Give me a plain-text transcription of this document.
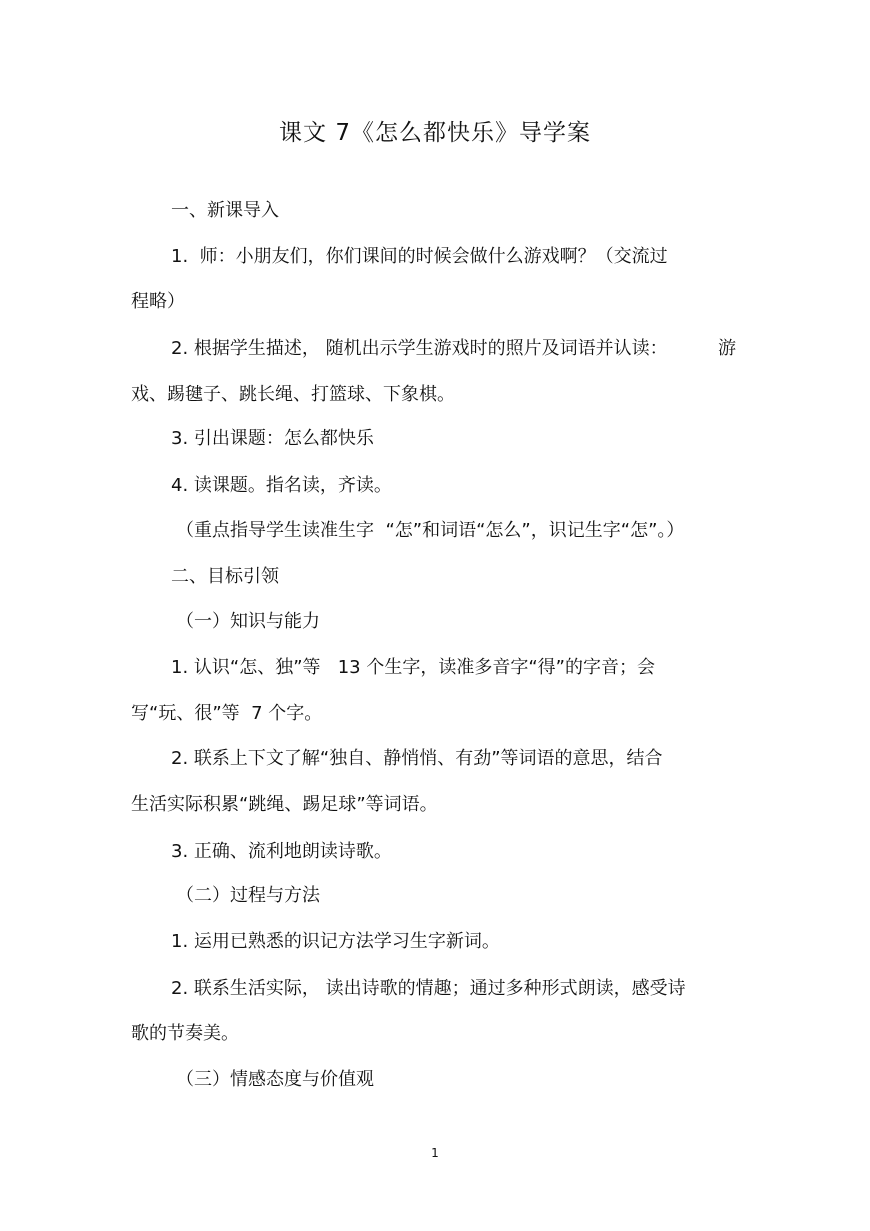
课文 7《怎么都快乐》导学案
一、新课导入
1.  师：小朋友们，你们课间的时候会做什么游戏啊？（交流过
程略）
2. 根据学生描述， 随机出示学生游戏时的照片及词语并认读：	游
戏、踢毽子、跳长绳、打篮球、下象棋。
3. 引出课题：怎么都快乐
4. 读课题。指名读，齐读。
（重点指导学生读准生字  “怎”和词语“怎么”，识记生字“怎”。）
二、目标引领
（一）知识与能力
1. 认识“怎、独”等   13 个生字，读准多音字“得”的字音；会
写“玩、很”等  7 个字。
2. 联系上下文了解“独自、静悄悄、有劲”等词语的意思，结合
生活实际积累“跳绳、踢足球”等词语。
3. 正确、流利地朗读诗歌。
（二）过程与方法
1. 运用已熟悉的识记方法学习生字新词。
2. 联系生活实际， 读出诗歌的情趣；通过多种形式朗读，感受诗
歌的节奏美。
（三）情感态度与价值观
1
